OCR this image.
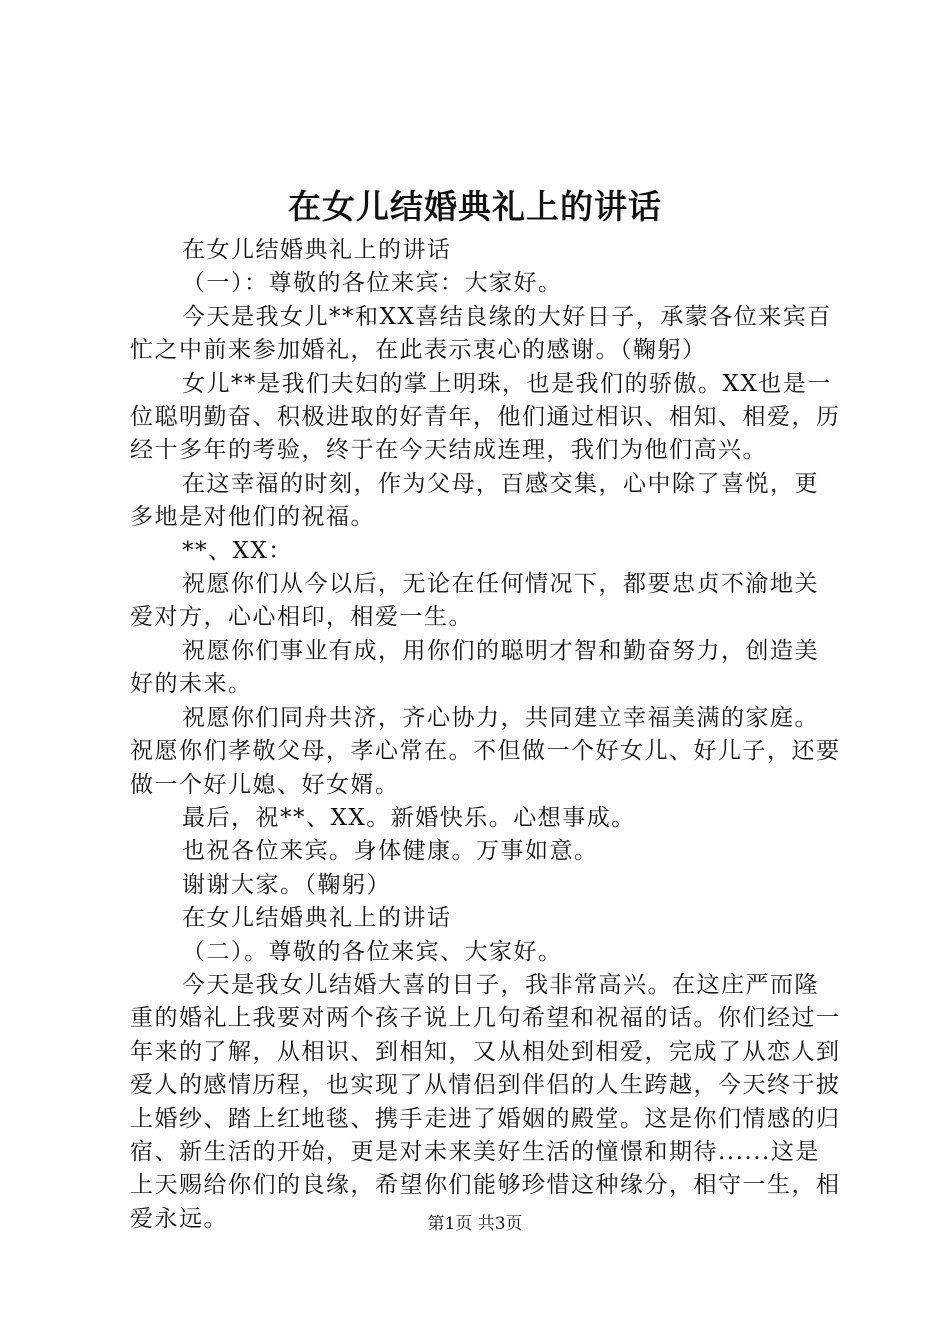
在女儿结婚典礼上的讲话

在女儿结婚典礼上的讲话

（一）：尊敬的各位来宾：大家好。

今天是我女儿**和XX喜结良缘的大好日子，承蒙各位来宾百忙之中前来参加婚礼，在此表示衷心的感谢。（鞠躬）

女儿**是我们夫妇的掌上明珠，也是我们的骄傲。XX也是一位聪明勤奋、积极进取的好青年，他们通过相识、相知、相爱，历经十多年的考验，终于在今天结成连理，我们为他们高兴。

在这幸福的时刻，作为父母，百感交集，心中除了喜悦，更多地是对他们的祝福。

**、XX：

祝愿你们从今以后，无论在任何情况下，都要忠贞不渝地关爱对方，心心相印，相爱一生。

祝愿你们事业有成，用你们的聪明才智和勤奋努力，创造美好的未来。

祝愿你们同舟共济，齐心协力，共同建立幸福美满的家庭。祝愿你们孝敬父母，孝心常在。不但做一个好女儿、好儿子，还要做一个好儿媳、好女婿。

最后，祝**、XX。新婚快乐。心想事成。

也祝各位来宾。身体健康。万事如意。

谢谢大家。（鞠躬）

在女儿结婚典礼上的讲话

（二）。尊敬的各位来宾、大家好。

今天是我女儿结婚大喜的日子，我非常高兴。在这庄严而隆重的婚礼上我要对两个孩子说上几句希望和祝福的话。你们经过一年来的了解，从相识、到相知，又从相处到相爱，完成了从恋人到爱人的感情历程，也实现了从情侣到伴侣的人生跨越，今天终于披上婚纱、踏上红地毯、携手走进了婚姻的殿堂。这是你们情感的归宿、新生活的开始，更是对未来美好生活的憧憬和期待......这是上天赐给你们的良缘，希望你们能够珍惜这种缘分，相守一生，相爱永远。	第1页 共3页
